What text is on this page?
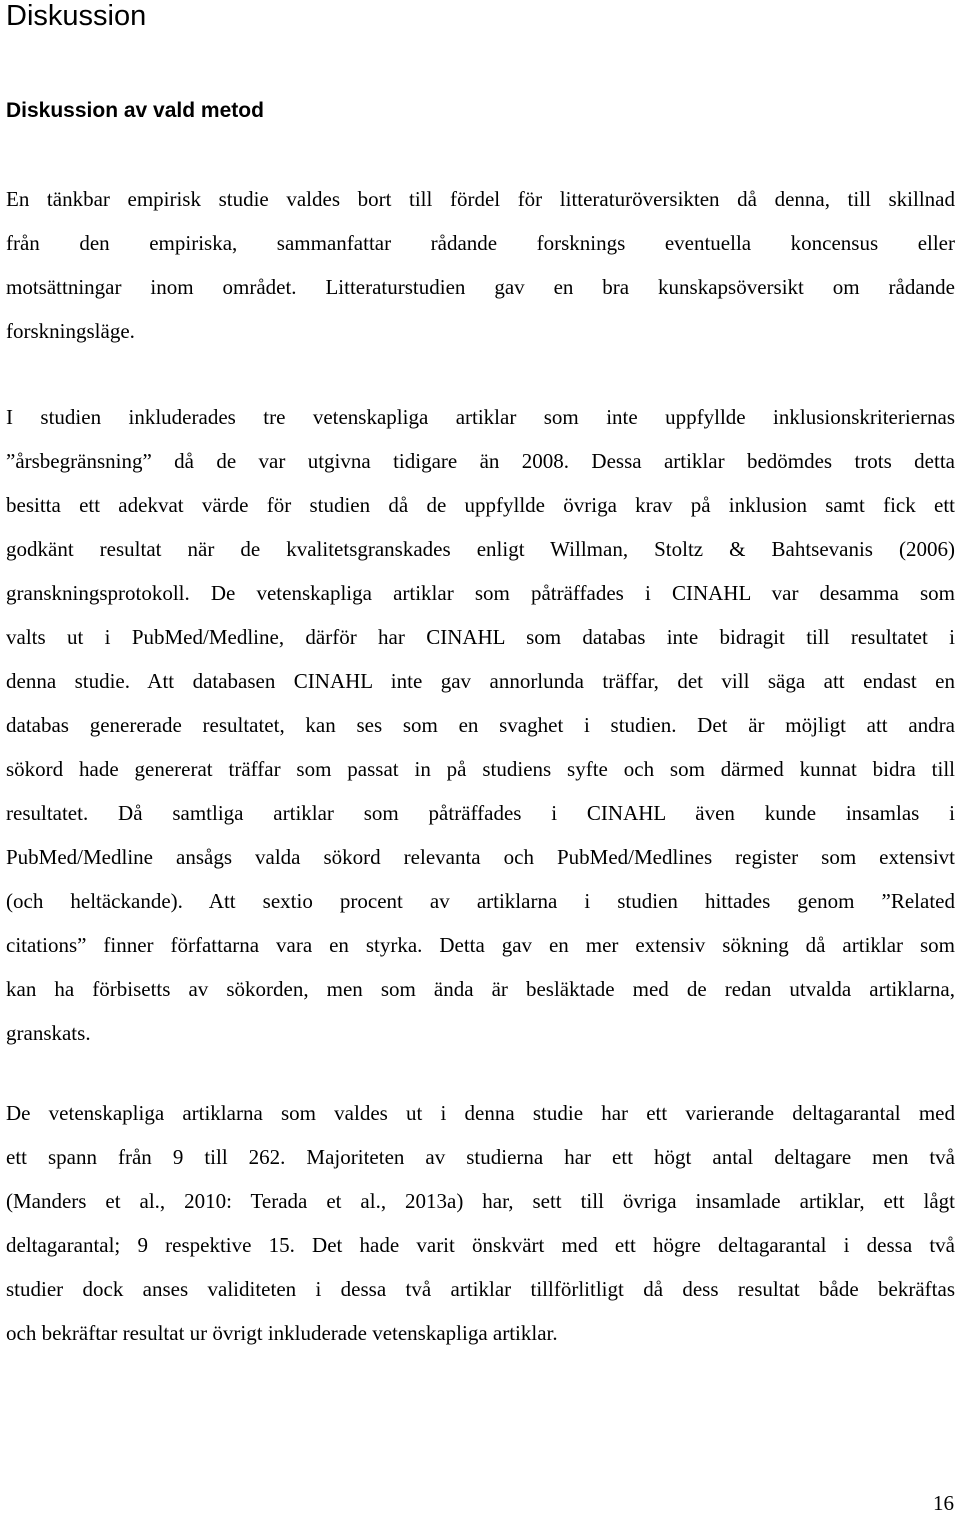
Diskussion
Diskussion av vald metod
En tänkbar empirisk studie valdes bort till fördel för litteraturöversikten då denna, till skillnad
från den empiriska, sammanfattar rådande forsknings eventuella koncensus eller
motsättningar inom området. Litteraturstudien gav en bra kunskapsöversikt om rådande
forskningsläge.
I studien inkluderades tre vetenskapliga artiklar som inte uppfyllde inklusionskriteriernas
”årsbegränsning” då de var utgivna tidigare än 2008. Dessa artiklar bedömdes trots detta
besitta ett adekvat värde för studien då de uppfyllde övriga krav på inklusion samt fick ett
godkänt resultat när de kvalitetsgranskades enligt Willman, Stoltz & Bahtsevanis (2006)
granskningsprotokoll. De vetenskapliga artiklar som påträffades i CINAHL var desamma som
valts ut i PubMed/Medline, därför har CINAHL som databas inte bidragit till resultatet i
denna studie. Att databasen CINAHL inte gav annorlunda träffar, det vill säga att endast en
databas genererade resultatet, kan ses som en svaghet i studien. Det är möjligt att andra
sökord hade genererat träffar som passat in på studiens syfte och som därmed kunnat bidra till
resultatet. Då samtliga artiklar som påträffades i CINAHL även kunde insamlas i
PubMed/Medline ansågs valda sökord relevanta och PubMed/Medlines register som extensivt
(och heltäckande). Att sextio procent av artiklarna i studien hittades genom ”Related
citations” finner författarna vara en styrka. Detta gav en mer extensiv sökning då artiklar som
kan ha förbisetts av sökorden, men som ända är besläktade med de redan utvalda artiklarna,
granskats.
De vetenskapliga artiklarna som valdes ut i denna studie har ett varierande deltagarantal med
ett spann från 9 till 262. Majoriteten av studierna har ett högt antal deltagare men två
(Manders et al., 2010: Terada et al., 2013a) har, sett till övriga insamlade artiklar, ett lågt
deltagarantal; 9 respektive 15. Det hade varit önskvärt med ett högre deltagarantal i dessa två
studier dock anses validiteten i dessa två artiklar tillförlitligt då dess resultat både bekräftas
och bekräftar resultat ur övrigt inkluderade vetenskapliga artiklar.
16
